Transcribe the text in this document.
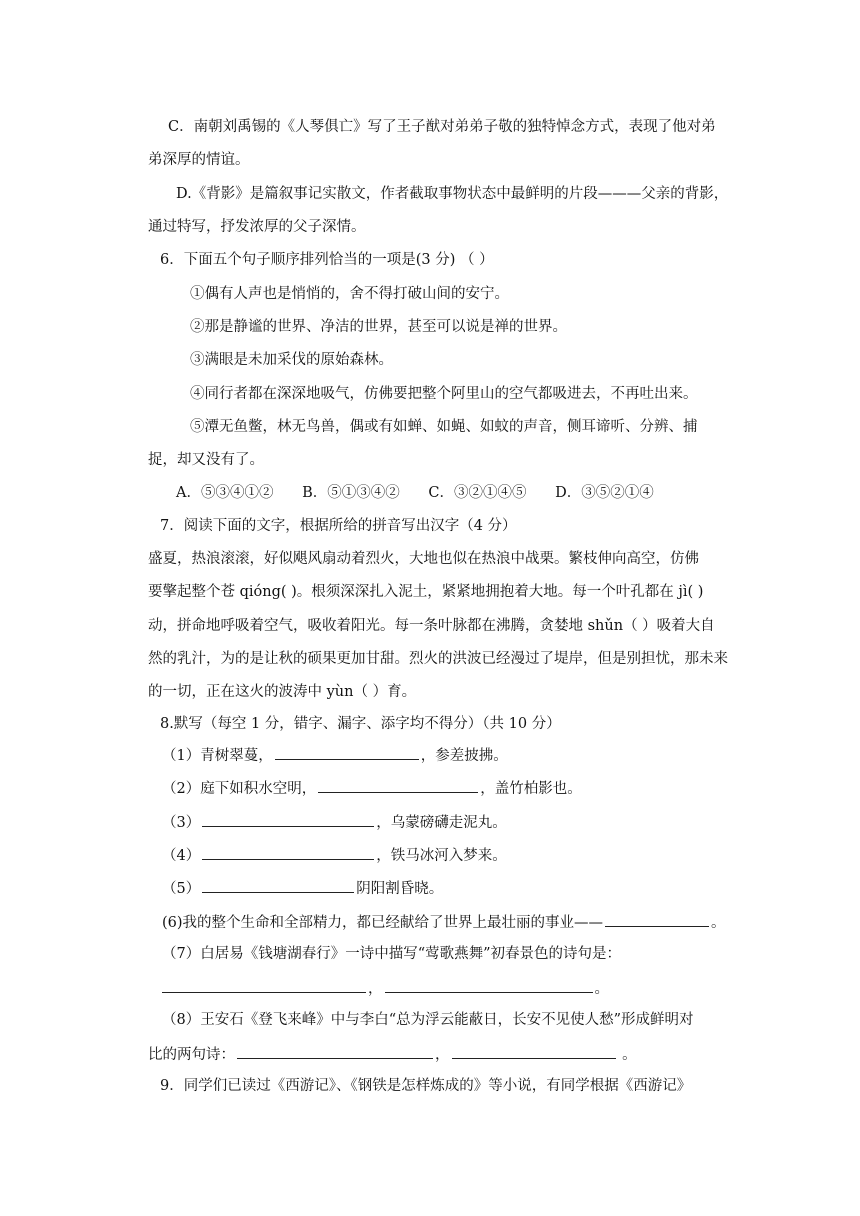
C．南朝刘禹锡的《人琴俱亡》写了王子猷对弟弟子敬的独特悼念方式，表现了他对弟
弟深厚的情谊。
D.《背影》是篇叙事记实散文，作者截取事物状态中最鲜明的片段———父亲的背影，
通过特写，抒发浓厚的父子深情。
6．下面五个句子顺序排列恰当的一项是(3 分) （ ）
①偶有人声也是悄悄的，舍不得打破山间的安宁。
②那是静谧的世界、净洁的世界，甚至可以说是禅的世界。
③满眼是未加采伐的原始森林。
④同行者都在深深地吸气，仿佛要把整个阿里山的空气都吸进去，不再吐出来。
⑤潭无鱼鳖，林无鸟兽，偶或有如蝉、如蝇、如蚊的声音，侧耳谛听、分辨、捕
捉，却又没有了。
A．⑤③④①② B．⑤①③④② C．③②①④⑤ D．③⑤②①④
7．阅读下面的文字，根据所给的拼音写出汉字（4 分）
盛夏，热浪滚滚，好似飓风扇动着烈火，大地也似在热浪中战栗。繁枝伸向高空，仿佛
要擎起整个苍 qióng( )。根须深深扎入泥土，紧紧地拥抱着大地。每一个叶孔都在 jì( )
动，拼命地呼吸着空气，吸收着阳光。每一条叶脉都在沸腾，贪婪地 shǔn（ ）吸着大自
然的乳汁，为的是让秋的硕果更加甘甜。烈火的洪波已经漫过了堤岸，但是别担忧，那未来
的一切，正在这火的波涛中 yùn（ ）育。
8.默写（每空 1 分，错字、漏字、添字均不得分）（共 10 分）
（1）青树翠蔓，	，参差披拂。
（2）庭下如积水空明，	，盖竹柏影也。
（3）	，乌蒙磅礴走泥丸。
（4）	，铁马冰河入梦来。
（5）	阴阳割昏晓。
(6)我的整个生命和全部精力，都已经献给了世界上最壮丽的事业——	。
（7）白居易《钱塘湖春行》一诗中描写“莺歌燕舞”初春景色的诗句是：
，	。
（8）王安石《登飞来峰》中与李白“总为浮云能蔽日，长安不见使人愁”形成鲜明对
比的两句诗：	，	。
9．同学们已读过《西游记》、《钢铁是怎样炼成的》等小说，有同学根据《西游记》
